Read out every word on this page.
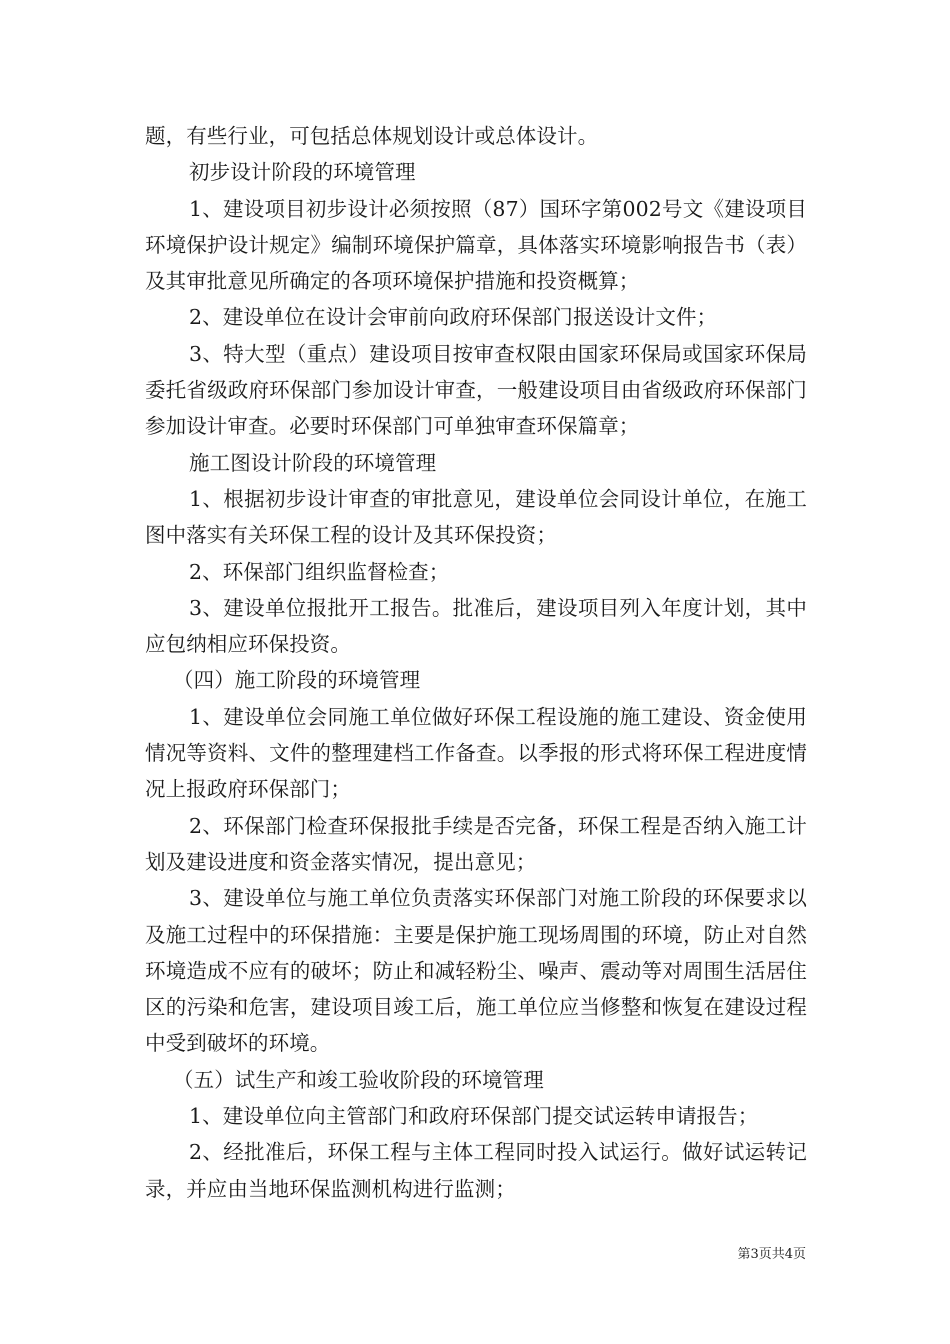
题，有些行业，可包括总体规划设计或总体设计。

初步设计阶段的环境管理

1、建设项目初步设计必须按照（87）国环字第002号文《建设项目环境保护设计规定》编制环境保护篇章，具体落实环境影响报告书（表）及其审批意见所确定的各项环境保护措施和投资概算；

2、建设单位在设计会审前向政府环保部门报送设计文件；

3、特大型（重点）建设项目按审查权限由国家环保局或国家环保局委托省级政府环保部门参加设计审查，一般建设项目由省级政府环保部门参加设计审查。必要时环保部门可单独审查环保篇章；

施工图设计阶段的环境管理

1、根据初步设计审查的审批意见，建设单位会同设计单位，在施工图中落实有关环保工程的设计及其环保投资；

2、环保部门组织监督检查；

3、建设单位报批开工报告。批准后，建设项目列入年度计划，其中应包纳相应环保投资。

（四）施工阶段的环境管理

1、建设单位会同施工单位做好环保工程设施的施工建设、资金使用情况等资料、文件的整理建档工作备查。以季报的形式将环保工程进度情况上报政府环保部门；

2、环保部门检查环保报批手续是否完备，环保工程是否纳入施工计划及建设进度和资金落实情况，提出意见；

3、建设单位与施工单位负责落实环保部门对施工阶段的环保要求以及施工过程中的环保措施：主要是保护施工现场周围的环境，防止对自然环境造成不应有的破坏；防止和减轻粉尘、噪声、震动等对周围生活居住区的污染和危害，建设项目竣工后，施工单位应当修整和恢复在建设过程中受到破坏的环境。

（五）试生产和竣工验收阶段的环境管理

1、建设单位向主管部门和政府环保部门提交试运转申请报告；

2、经批准后，环保工程与主体工程同时投入试运行。做好试运转记录，并应由当地环保监测机构进行监测；

第3页共4页
